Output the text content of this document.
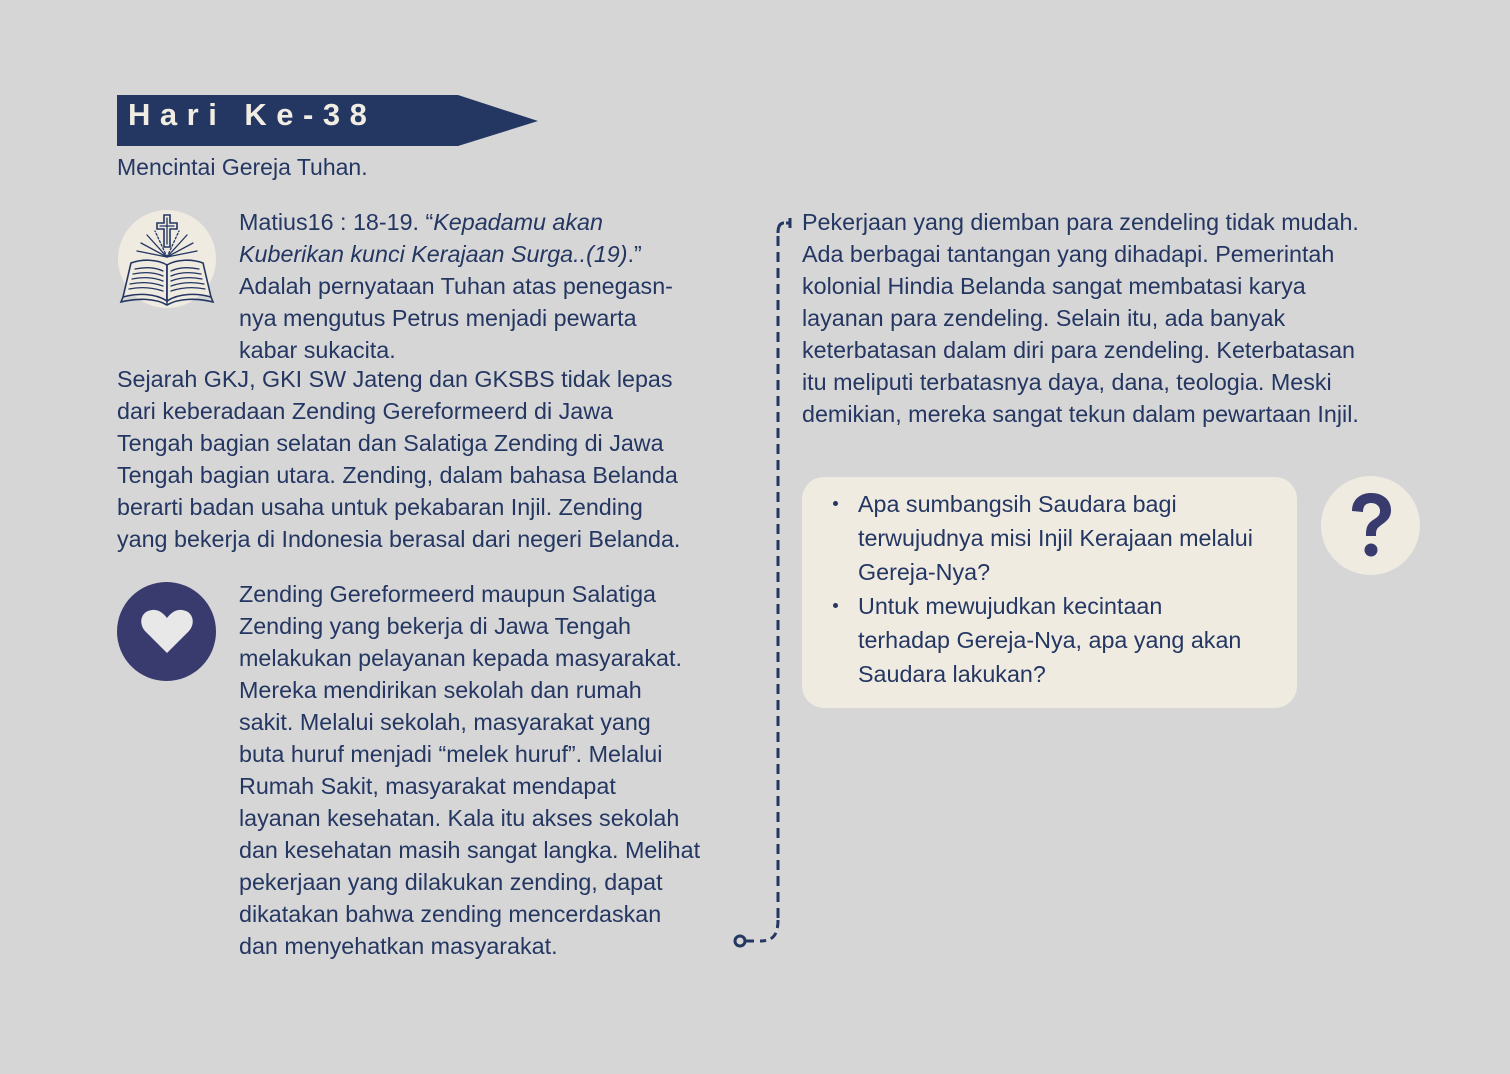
Hari Ke-38
Mencintai Gereja Tuhan.
Matius16 : 18-19. “Kepadamu akan
Kuberikan kunci Kerajaan Surga..(19).”
Adalah pernyataan Tuhan atas penegasn-
nya mengutus Petrus menjadi pewarta
kabar sukacita.
Sejarah GKJ, GKI SW Jateng dan GKSBS tidak lepas
dari keberadaan Zending Gereformeerd di Jawa
Tengah bagian selatan dan Salatiga Zending di Jawa
Tengah bagian utara. Zending, dalam bahasa Belanda
berarti badan usaha untuk pekabaran Injil. Zending
yang bekerja di Indonesia berasal dari negeri Belanda.
Zending Gereformeerd maupun Salatiga
Zending yang bekerja di Jawa Tengah
melakukan pelayanan kepada masyarakat.
Mereka mendirikan sekolah dan rumah
sakit. Melalui sekolah, masyarakat yang
buta huruf menjadi “melek huruf”. Melalui
Rumah Sakit, masyarakat mendapat
layanan kesehatan. Kala itu akses sekolah
dan kesehatan masih sangat langka. Melihat
pekerjaan yang dilakukan zending, dapat
dikatakan bahwa zending mencerdaskan
dan menyehatkan masyarakat.
Pekerjaan yang diemban para zendeling tidak mudah.
Ada berbagai tantangan yang dihadapi. Pemerintah
kolonial Hindia Belanda sangat membatasi karya
layanan para zendeling. Selain itu, ada banyak
keterbatasan dalam diri para zendeling. Keterbatasan
itu meliputi terbatasnya daya, dana, teologia. Meski
demikian, mereka sangat tekun dalam pewartaan Injil.
Apa sumbangsih Saudara bagi
terwujudnya misi Injil Kerajaan melalui
Gereja-Nya?
Untuk mewujudkan kecintaan
terhadap Gereja-Nya, apa yang akan
Saudara lakukan?
